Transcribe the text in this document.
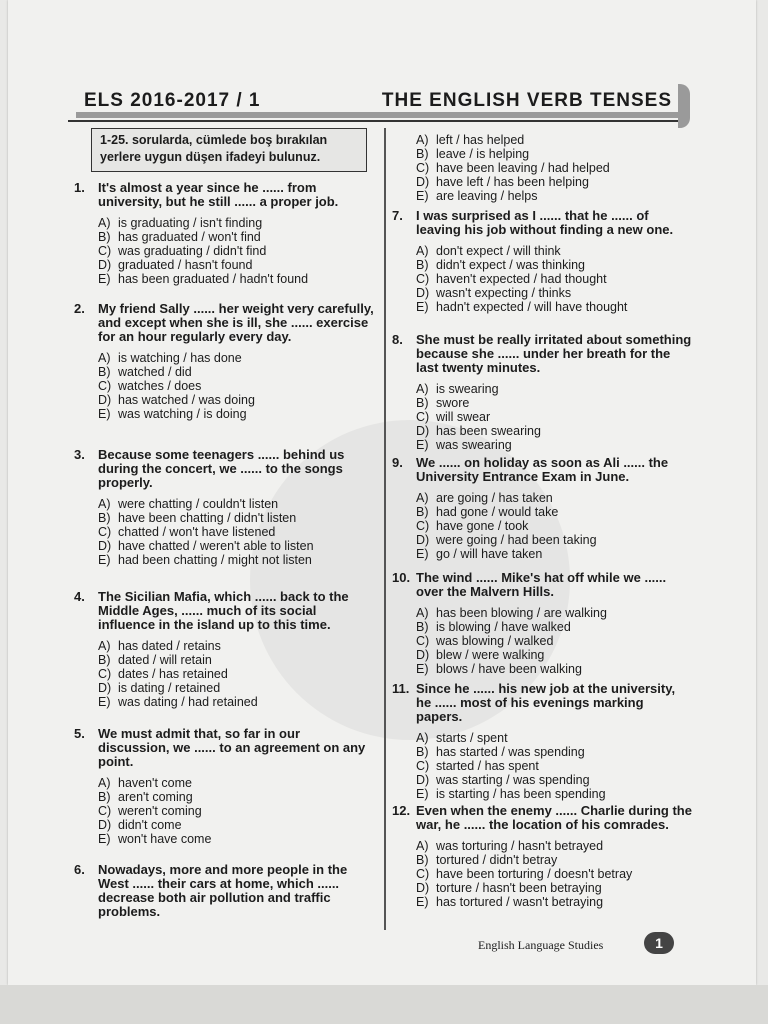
ELS 2016-2017 / 1	THE ENGLISH VERB TENSES
1-25. sorularda, cümlede boş bırakılan yerlere uygun düşen ifadeyi bulunuz.
1.	It's almost a year since he ...... from university, but he still ...... a proper job.
A) is graduating / isn't finding
B) has graduated / won't find
C) was graduating / didn't find
D) graduated / hasn't found
E) has been graduated / hadn't found
2.	My friend Sally ...... her weight very carefully, and except when she is ill, she ...... exercise for an hour regularly every day.
A) is watching / has done
B) watched / did
C) watches / does
D) has watched / was doing
E) was watching / is doing
3.	Because some teenagers ...... behind us during the concert, we ...... to the songs properly.
A) were chatting / couldn't listen
B) have been chatting / didn't listen
C) chatted / won't have listened
D) have chatted / weren't able to listen
E) had been chatting / might not listen
4.	The Sicilian Mafia, which ...... back to the Middle Ages, ...... much of its social influence in the island up to this time.
A) has dated / retains
B) dated / will retain
C) dates / has retained
D) is dating / retained
E) was dating / had retained
5.	We must admit that, so far in our discussion, we ...... to an agreement on any point.
A) haven't come
B) aren't coming
C) weren't coming
D) didn't come
E) won't have come
6.	Nowadays, more and more people in the West ...... their cars at home, which ...... decrease both air pollution and traffic problems.
A) left / has helped
B) leave / is helping
C) have been leaving / had helped
D) have left / has been helping
E) are leaving / helps
7.	I was surprised as I ...... that he ...... of leaving his job without finding a new one.
A) don't expect / will think
B) didn't expect / was thinking
C) haven't expected / had thought
D) wasn't expecting / thinks
E) hadn't expected / will have thought
8.	She must be really irritated about something because she ...... under her breath for the last twenty minutes.
A) is swearing
B) swore
C) will swear
D) has been swearing
E) was swearing
9.	We ...... on holiday as soon as Ali ...... the University Entrance Exam in June.
A) are going / has taken
B) had gone / would take
C) have gone / took
D) were going / had been taking
E) go / will have taken
10. The wind ...... Mike's hat off while we ...... over the Malvern Hills.
A) has been blowing / are walking
B) is blowing / have walked
C) was blowing / walked
D) blew / were walking
E) blows / have been walking
11. Since he ...... his new job at the university, he ...... most of his evenings marking papers.
A) starts / spent
B) has started / was spending
C) started / has spent
D) was starting / was spending
E) is starting / has been spending
12. Even when the enemy ...... Charlie during the war, he ...... the location of his comrades.
A) was torturing / hasn't betrayed
B) tortured / didn't betray
C) have been torturing / doesn't betray
D) torture / hasn't been betraying
E) has tortured / wasn't betraying
English Language Studies	1
